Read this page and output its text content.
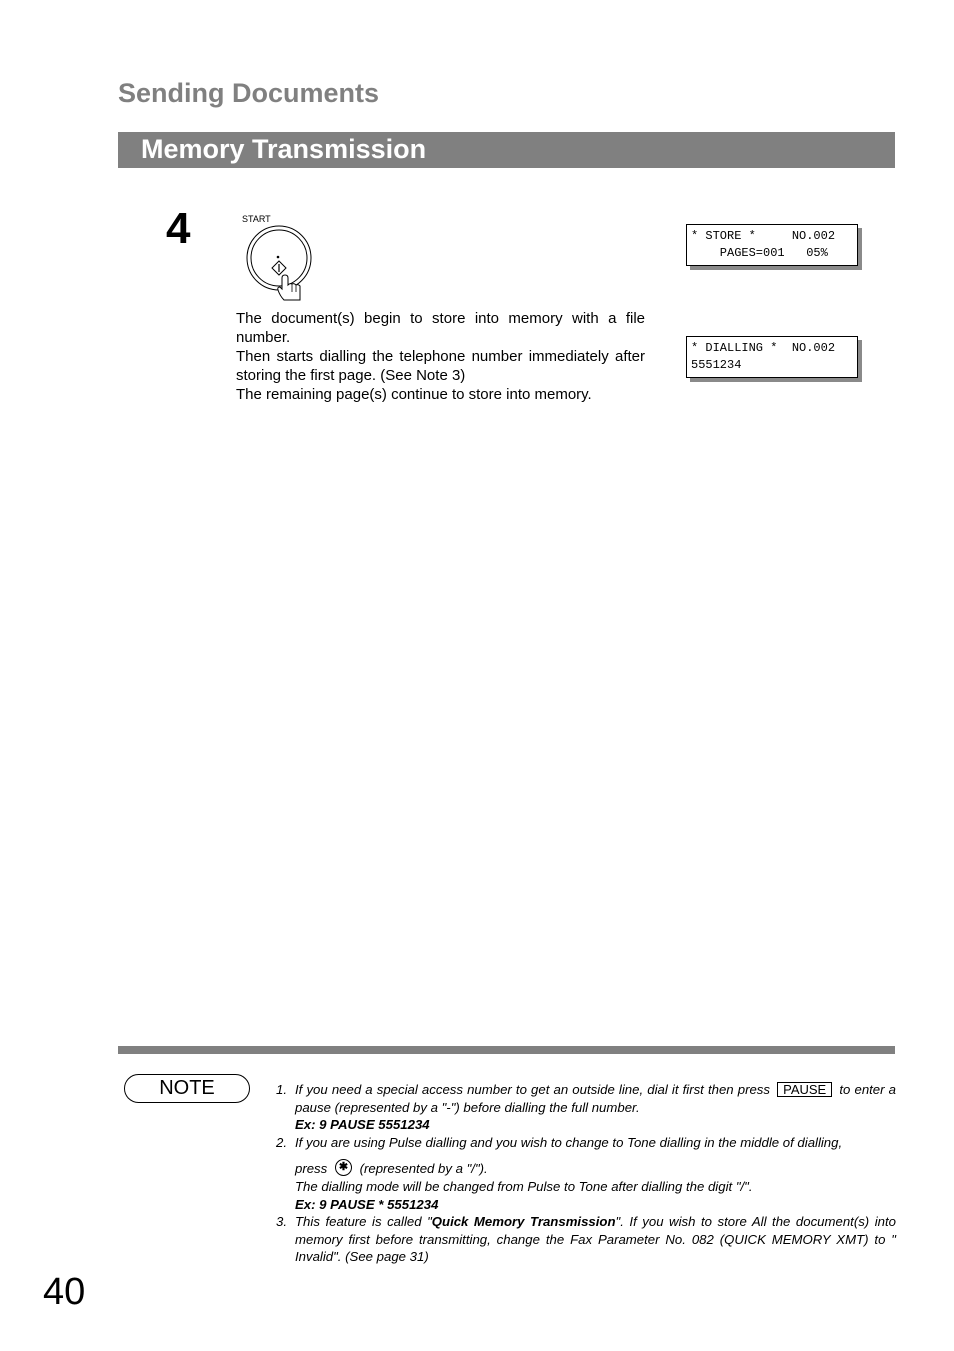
Sending Documents
Memory Transmission
4	START

The document(s) begin to store into memory with a file number.

Then starts dialling the telephone number immediately after storing the first page. (See Note 3)

The remaining page(s) continue to store into memory.

* STORE *     NO.002
PAGES=001   05%
* DIALLING *  NO.002
5551234
NOTE	1. If you need a special access number to get an outside line, dial it first then press PAUSE to enter a pause (represented by a "-") before dialling the full number.

Ex: 9 PAUSE 5551234

2. If you are using Pulse dialling and you wish to change to Tone dialling in the middle of dialling,

press ✱ (represented by a "/").

The dialling mode will be changed from Pulse to Tone after dialling the digit "/".

Ex: 9 PAUSE * 5551234

3. This feature is called "Quick Memory Transmission". If you wish to store All the document(s) into memory first before transmitting, change the Fax Parameter No. 082 (QUICK MEMORY XMT) to " Invalid". (See page 31)

40
